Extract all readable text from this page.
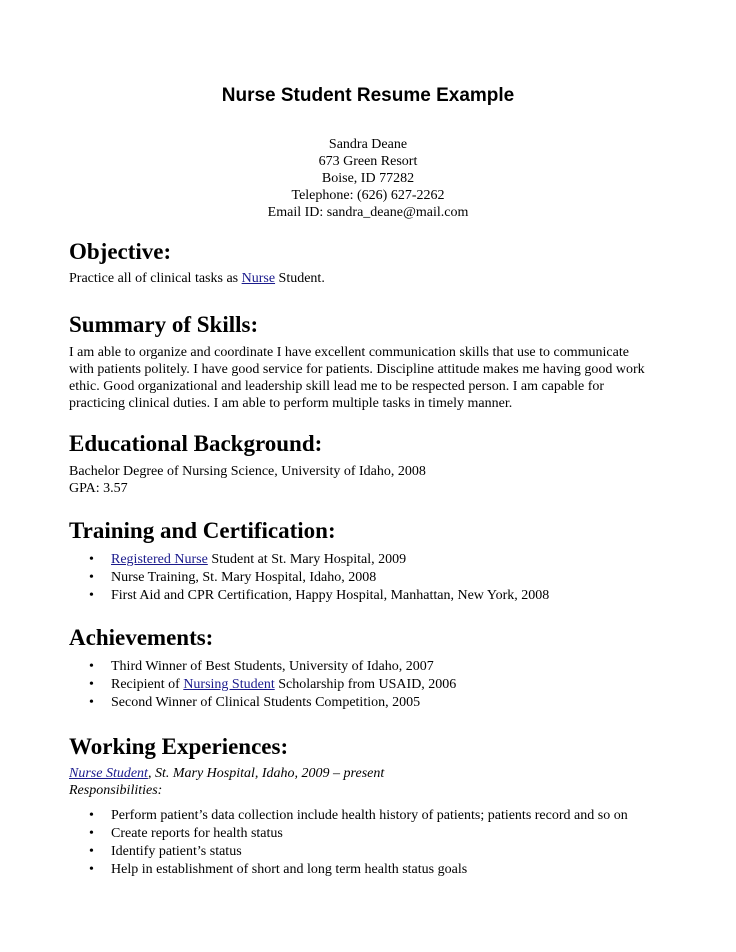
Nurse Student Resume Example
Sandra Deane
673 Green Resort
Boise, ID 77282
Telephone: (626) 627-2262
Email ID: sandra_deane@mail.com
Objective:

Practice all of clinical tasks as Nurse Student.

Summary of Skills:

I am able to organize and coordinate I have excellent communication skills that use to communicate
with patients politely. I have good service for patients. Discipline attitude makes me having good work
ethic. Good organizational and leadership skill lead me to be respected person. I am capable for
practicing clinical duties. I am able to perform multiple tasks in timely manner.

Educational Background:

Bachelor Degree of Nursing Science, University of Idaho, 2008
GPA: 3.57

Training and Certification:
• Registered Nurse Student at St. Mary Hospital, 2009
• Nurse Training, St. Mary Hospital, Idaho, 2008
• First Aid and CPR Certification, Happy Hospital, Manhattan, New York, 2008
Achievements:
• Third Winner of Best Students, University of Idaho, 2007
• Recipient of Nursing Student Scholarship from USAID, 2006
• Second Winner of Clinical Students Competition, 2005
Working Experiences:

Nurse Student, St. Mary Hospital, Idaho, 2009 – present

Responsibilities:

• Perform patient’s data collection include health history of patients; patients record and so on
• Create reports for health status
• Identify patient’s status
• Help in establishment of short and long term health status goals
